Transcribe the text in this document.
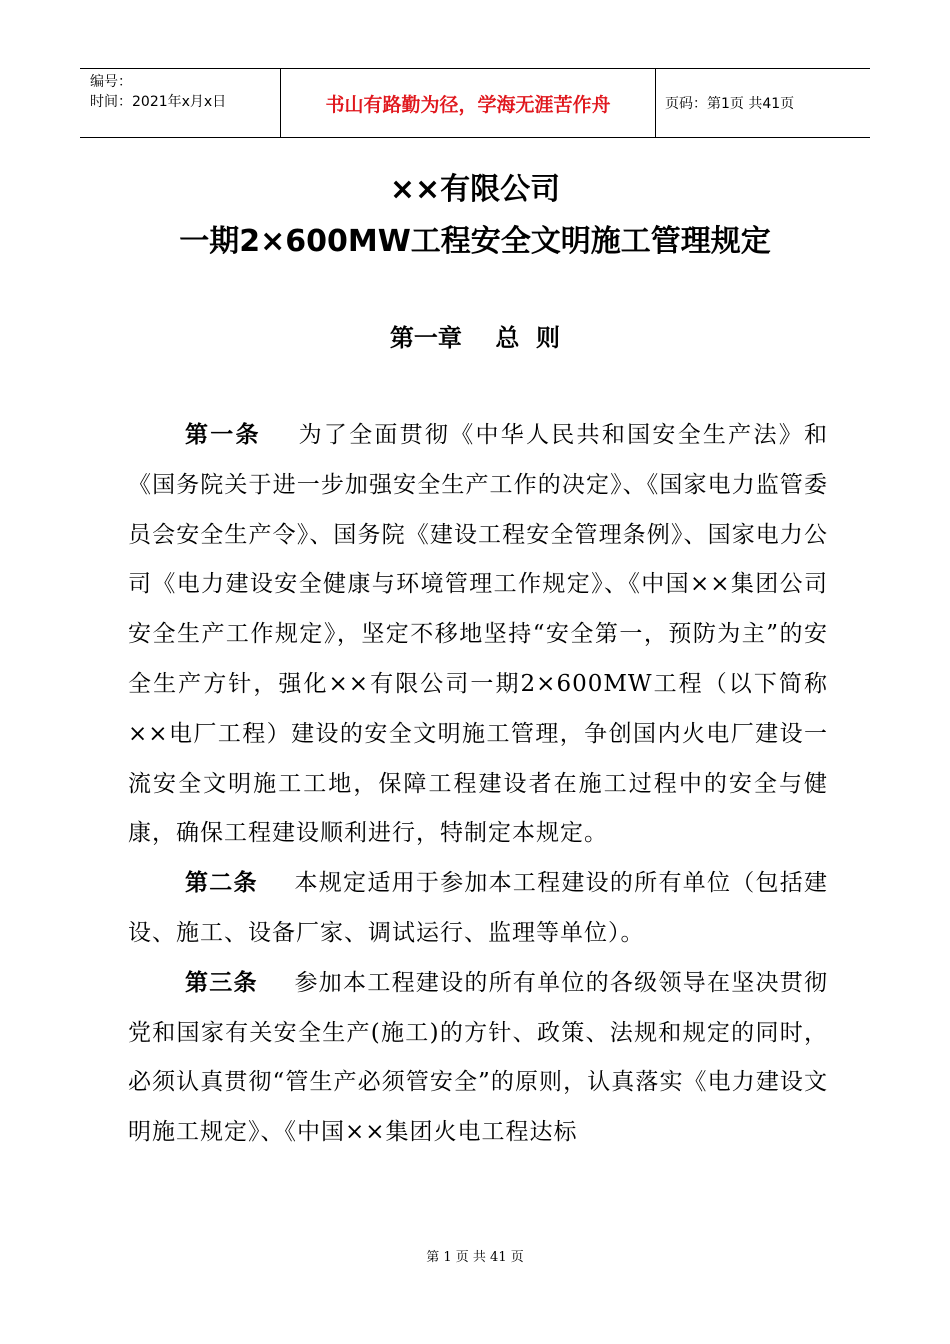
编号：
时间：2021年x月x日	书山有路勤为径，学海无涯苦作舟	页码：第1页 共41页
××有限公司
一期2×600MW工程安全文明施工管理规定
第一章    总  则

第一条   为了全面贯彻《中华人民共和国安全生产法》和《国务院关于进一步加强安全生产工作的决定》、《国家电力监管委员会安全生产令》、国务院《建设工程安全管理条例》、国家电力公司《电力建设安全健康与环境管理工作规定》、《中国××集团公司安全生产工作规定》，坚定不移地坚持“安全第一，预防为主”的安全生产方针，强化××有限公司一期2×600MW工程（以下简称××电厂工程）建设的安全文明施工管理，争创国内火电厂建设一流安全文明施工工地，保障工程建设者在施工过程中的安全与健康，确保工程建设顺利进行，特制定本规定。

第二条   本规定适用于参加本工程建设的所有单位（包括建设、施工、设备厂家、调试运行、监理等单位）。

第三条   参加本工程建设的所有单位的各级领导在坚决贯彻党和国家有关安全生产(施工)的方针、政策、法规和规定的同时，必须认真贯彻“管生产必须管安全”的原则，认真落实《电力建设文明施工规定》、《中国××集团火电工程达标

第 1 页 共 41 页
